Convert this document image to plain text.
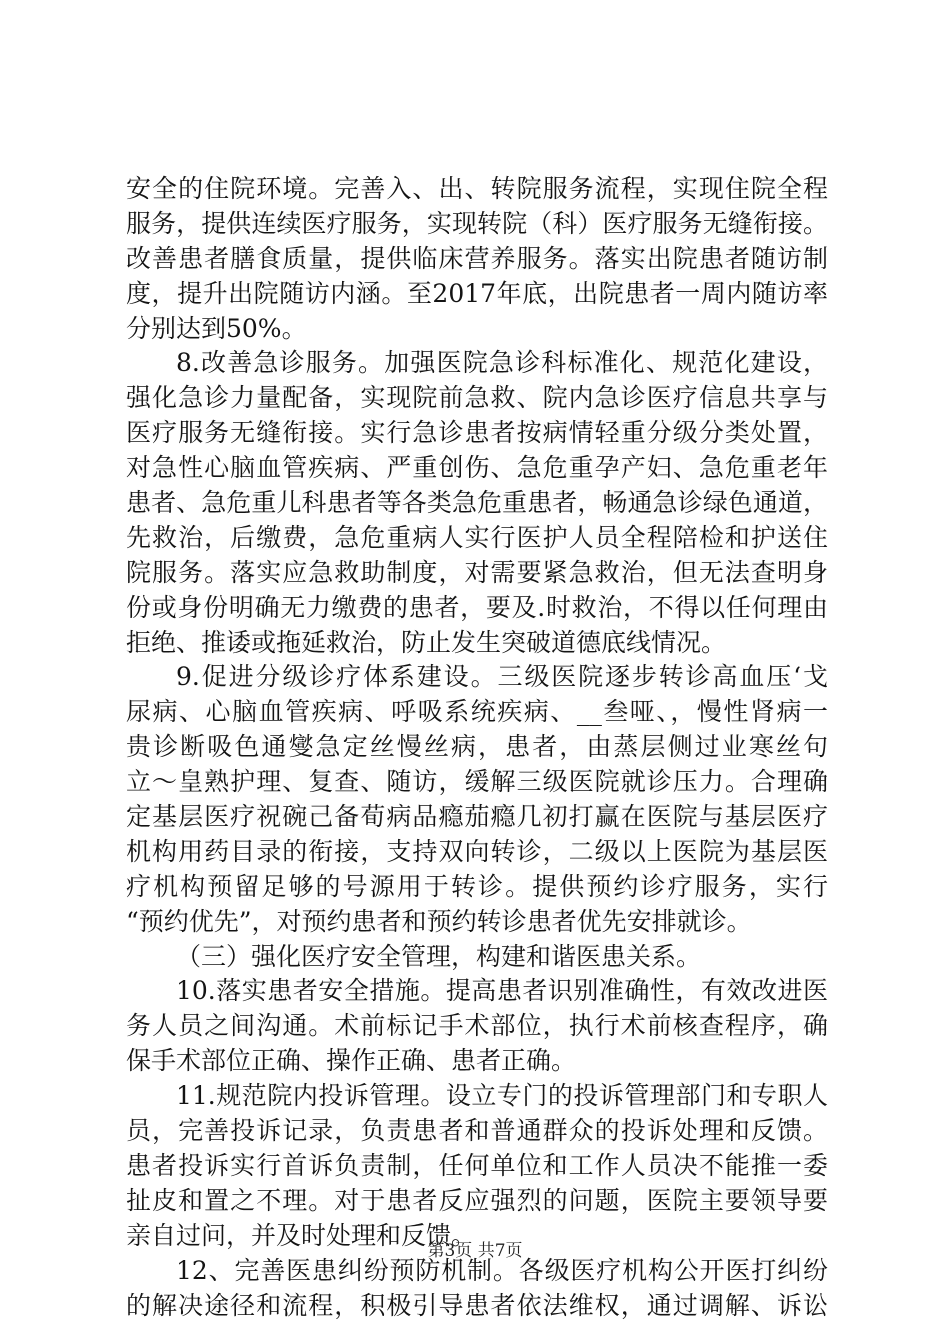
安全的住院环境。完善入、出、转院服务流程，实现住院全程
服务，提供连续医疗服务，实现转院（科）医疗服务无缝衔接。
改善患者膳食质量，提供临床营养服务。落实出院患者随访制
度，提升出院随访内涵。至2017年底，出院患者一周内随访率
分别达到50%。
8.改善急诊服务。加强医院急诊科标准化、规范化建设，
强化急诊力量配备，实现院前急救、院内急诊医疗信息共享与
医疗服务无缝衔接。实行急诊患者按病情轻重分级分类处置，
对急性心脑血管疾病、严重创伤、急危重孕产妇、急危重老年
患者、急危重儿科患者等各类急危重患者，畅通急诊绿色通道，
先救治，后缴费，急危重病人实行医护人员全程陪检和护送住
院服务。落实应急救助制度，对需要紧急救治，但无法查明身
份或身份明确无力缴费的患者，要及.时救治，不得以任何理由
拒绝、推诿或拖延救治，防止发生突破道德底线情况。
9.促进分级诊疗体系建设。三级医院逐步转诊高血压‘戈
尿病、心脑血管疾病、呼吸系统疾病、__叁哑、，慢性肾病一
贵诊断吸色通燮急定丝慢丝病，患者，由蒸层侧过业寒丝句
立～皇熟护理、复查、随访，缓解三级医院就诊压力。合理确
定基层医疗祝碗己备荀病品瘾茄瘾几初打赢在医院与基层医疗
机构用药目录的衔接，支持双向转诊，二级以上医院为基层医
疗机构预留足够的号源用于转诊。提供预约诊疗服务，实行
“预约优先”，对预约患者和预约转诊患者优先安排就诊。
（三）强化医疗安全管理，构建和谐医患关系。
10.落实患者安全措施。提高患者识别准确性，有效改进医
务人员之间沟通。术前标记手术部位，执行术前核查程序，确
保手术部位正确、操作正确、患者正确。
11.规范院内投诉管理。设立专门的投诉管理部门和专职人
员，完善投诉记录，负责患者和普通群众的投诉处理和反馈。
患者投诉实行首诉负责制，任何单位和工作人员决不能推一委
扯皮和置之不理。对于患者反应强烈的问题，医院主要领导要
亲自过问，并及时处理和反馈。
12、完善医患纠纷预防机制。各级医疗机构公开医打纠纷
的解决途径和流程，积极引导患者依法维权，通过调解、诉讼
第3页 共7页
